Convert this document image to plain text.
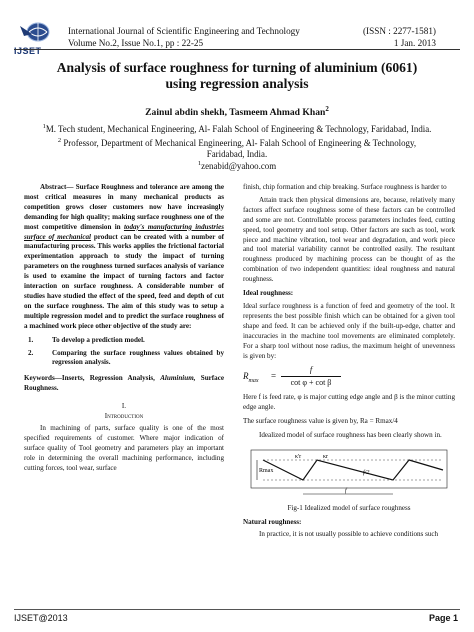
IJSET
International Journal of Scientific Engineering and Technology	(ISSN : 2277-1581)
Volume No.2, Issue No.1, pp : 22-25	1 Jan. 2013
Analysis of surface roughness for turning of aluminium (6061)
using regression analysis
Zainul abdin shekh, Tasmeem Ahmad Khan$^2$
$^1$M. Tech student, Mechanical Engineering, Al- Falah School of Engineering & Technology, Faridabad, India.
$^2$ Professor, Department of Mechanical Engineering, Al- Falah School of Engineering & Technology,
Faridabad, India.
$^1$zenabid@yahoo.com

Abstract— Surface Roughness and tolerance are among the most critical measures in many mechanical products as competition grows closer customers now have increasingly demanding for high quality; making surface roughness one of the most competitive dimension in today's manufacturing industries surface of mechanical product can be created with a number of manufacturing process. This works applies the frictional factorial experimentation approach to study the impact of turning parameters on the roughness turned surfaces analysis of variance is used to examine the impact of turning factors and factor interaction on surface roughness. A considerable number of studies have studied the effect of the speed, feed and depth of cut on the surface roughness. The aim of this study was to setup a multiple regression model and to predict the surface roughness of a machined work piece other objective of the study are:

1.	To develop a prediction model.
2.	Comparing the surface roughness values obtained by regression analysis.

Keywords—Inserts, Regression Analysis, Aluminium, Surface Roughness.

I.
Introduction

In machining of parts, surface quality is one of the most specified requirements of customer. Where major indication of surface quality of Tool geometry and parameters play an important role in determining the overall machining performance, including cutting forces, tool wear, surface

finish, chip formation and chip breaking. Surface roughness is harder to

Attain track then physical dimensions are, because, relatively many factors affect surface roughness some of these factors can be controlled and some are not. Controllable process parameters includes feed, cutting speed, tool geometry and tool setup. Other factors are such as tool, work piece and machine vibration, tool wear and degradation, and work piece and tool material variability cannot be controlled easily. The resultant roughness produced by machining process can be thought of as the combination of two independent quantities: ideal roughness and natural roughness.

Ideal roughness:

Ideal surface roughness is a function of feed and geometry of the tool. It represents the best possible finish which can be obtained for a given tool shape and feed. It can be achieved only if the built-up-edge, chatter and inaccuracies in the machine tool movements are eliminated completely. For a sharp tool without nose radius, the maximum height of unevenness is given by:

$R_{max}$ =
f
cot φ + cot β

Here f is feed rate, φ is major cutting edge angle and β is the minor cutting edge angle.

The surface roughness value is given by, Ra = Rmax/4

Idealized model of surface roughness has been clearly shown in.

Rmax
κr
κ'r
f
f/2

Fig-1 Idealized model of surface roughness

Natural roughness:

In practice, it is not usually possible to achieve conditions such

IJSET@2013	Page 1
